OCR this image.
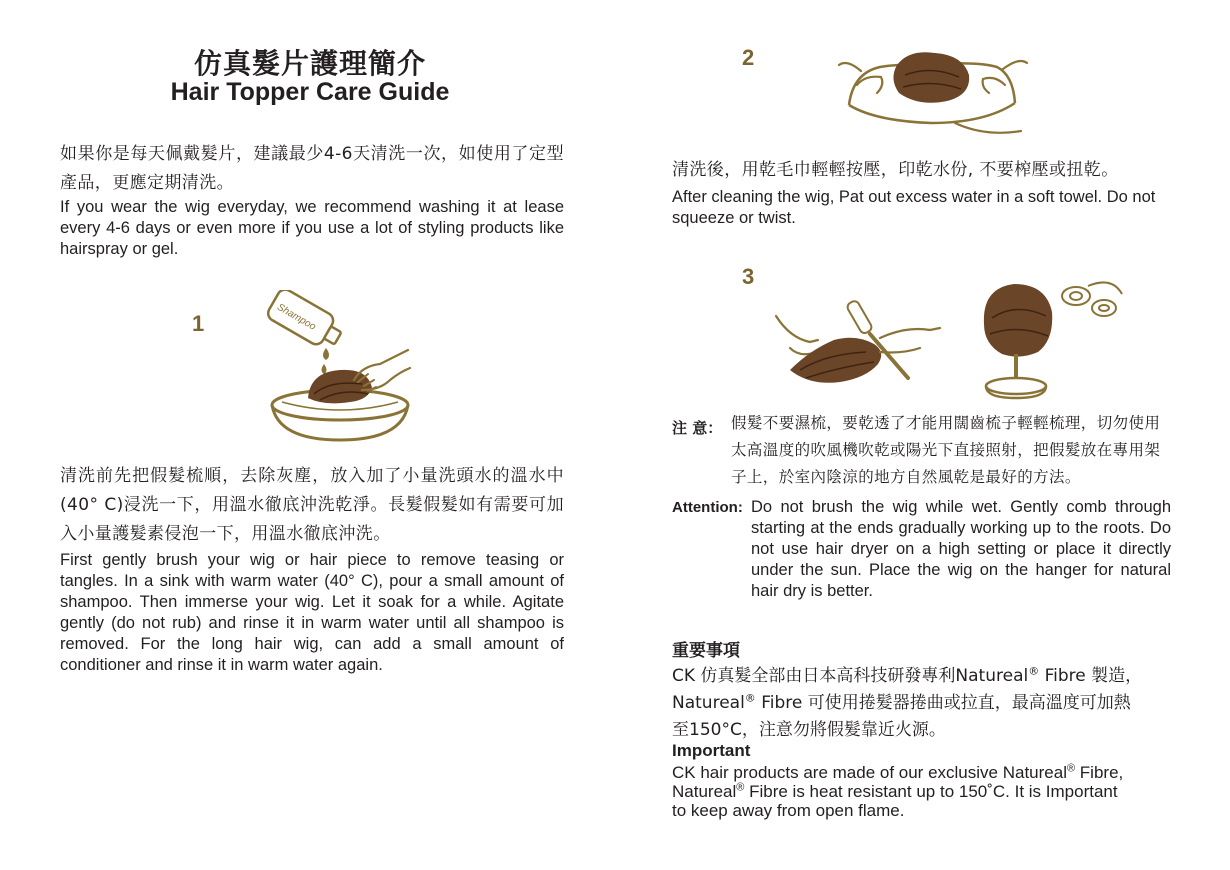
仿真髮片護理簡介
Hair Topper Care Guide
如果你是每天佩戴髮片，建議最少4-6天清洗一次，如使用了定型產品，更應定期清洗。
If you wear the wig everyday, we recommend washing it at lease every 4-6 days or even more if you use a lot of styling products like hairspray or gel.
1	Shampoo
清洗前先把假髮梳順，去除灰塵，放入加了小量洗頭水的溫水中(40° C)浸洗一下，用溫水徹底沖洗乾淨。長髮假髮如有需要可加入小量護髮素侵泡一下，用溫水徹底沖洗。
First gently brush your wig or hair piece to remove teasing or tangles. In a sink with warm water (40° C), pour a small amount of shampoo. Then immerse your wig. Let it soak for a while. Agitate gently (do not rub) and rinse it in warm water until all shampoo is removed. For the long hair wig, can add a small amount of conditioner and rinse it in warm water again.
2
清洗後，用乾毛巾輕輕按壓，印乾水份, 不要榨壓或扭乾。
After cleaning the wig, Pat out excess water in a soft towel. Do not squeeze or twist.
3
注 意： 假髮不要濕梳，要乾透了才能用闊齒梳子輕輕梳理，切勿使用太高溫度的吹風機吹乾或陽光下直接照射，把假髮放在專用架子上，於室內陰涼的地方自然風乾是最好的方法。
Attention: Do not brush the wig while wet. Gently comb through starting at the ends gradually working up to the roots. Do not use hair dryer on a high setting or place it directly under the sun. Place the wig on the hanger for natural hair dry is better.
重要事項
CK 仿真髮全部由日本高科技研發專利Natureal® Fibre 製造，
Natureal® Fibre 可使用捲髮器捲曲或拉直，最高溫度可加熱
至150°C，注意勿將假髮靠近火源。
Important
CK hair products are made of our exclusive Natureal® Fibre,
Natureal® Fibre is heat resistant up to 150˚C. It is Important
to keep away from open flame.
